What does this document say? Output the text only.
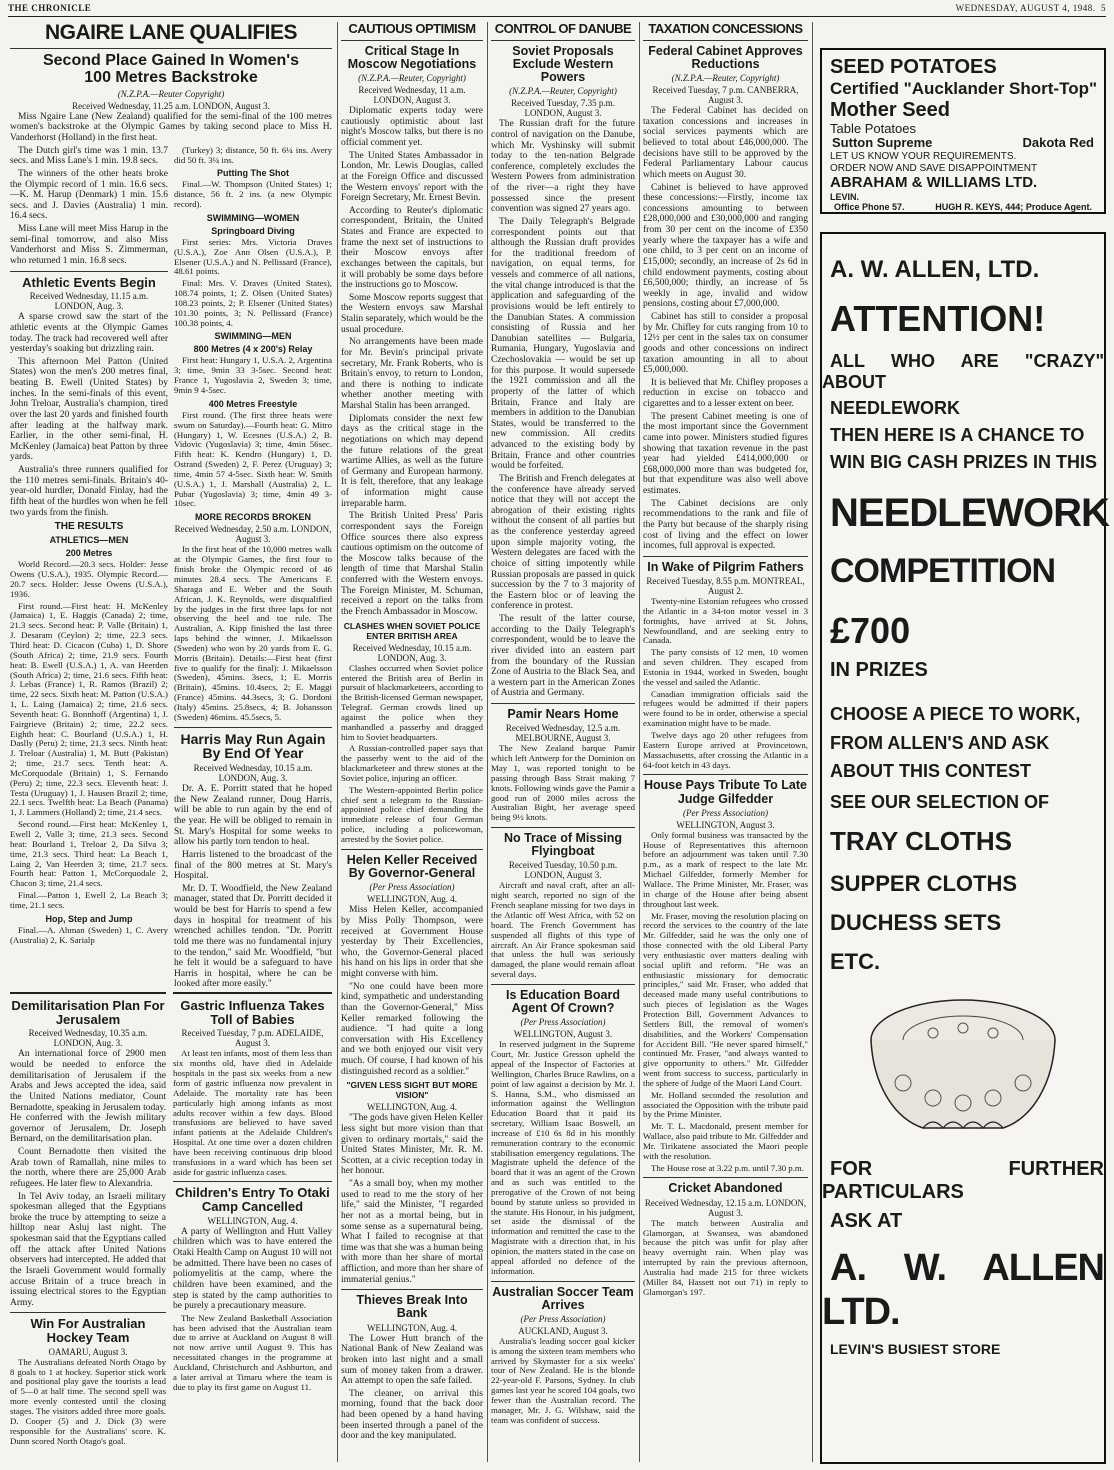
THE CHRONICLE	WEDNESDAY, AUGUST 4, 1948. 5
NGAIRE LANE QUALIFIES
Second Place Gained In Women's 100 Metres Backstroke

(N.Z.P.A.—Reuter Copyright)

Received Wednesday, 11.25 a.m. LONDON, August 3.

Miss Ngaire Lane (New Zealand) qualified for the semi-final of the 100 metres women's backstroke at the Olympic Games by taking second place to Miss H. Vanderhorst (Holland) in the first heat.

The Dutch girl's time was 1 min. 13.7 secs. and Miss Lane's 1 min. 19.8 secs.

The winners of the other heats broke the Olympic record of 1 min. 16.6 secs.—K. M. Harup (Denmark) 1 min. 15.6 secs. and J. Davies (Australia) 1 min. 16.4 secs.

Miss Lane will meet Miss Harup in the semi-final tomorrow, and also Miss Vanderhorst and Miss S. Zimmerman, who returned 1 min. 16.8 secs.

Athletic Events Begin

Received Wednesday, 11.15 a.m. LONDON, Aug. 3.

A sparse crowd saw the start of the athletic events at the Olympic Games today. The track had recovered well after yesterday's soaking but drizzling rain.

This afternoon Mel Patton (United States) won the men's 200 metres final, beating B. Ewell (United States) by inches. In the semi-finals of this event, John Treloar, Australia's champion, tired over the last 20 yards and finished fourth after leading at the halfway mark. Earlier, in the other semi-final, H. McKenley (Jamaica) beat Patton by three yards.

Australia's three runners qualified for the 110 metres semi-finals. Britain's 40-year-old hurdler, Donald Finlay, had the fifth heat of the hurdles won when he fell two yards from the finish.

THE RESULTS
ATHLETICS—MEN
200 Metres

World Record.—20.3 secs. Holder: Jesse Owens (U.S.A.), 1935. Olympic Record.—20.7 secs. Holder: Jesse Owens (U.S.A.), 1936.

First round.—First heat: H. McKenley (Jamaica) 1, E. Haggis (Canada) 2; time, 21.3 secs. Second heat: P. Valle (Britain) 1, J. Desaram (Ceylon) 2; time, 22.3 secs. Third heat: D. Cicacon (Cuba) 1, D. Shore (South Africa) 2; time, 21.9 secs. Fourth heat: B. Ewell (U.S.A.) 1, A. van Heerden (South Africa) 2; time, 21.6 secs. Fifth heat: J. Lebas (France) 1, R. Ramos (Brazil) 2; time, 22 secs. Sixth heat: M. Patton (U.S.A.) 1, L. Laing (Jamaica) 2; time, 21.6 secs. Seventh heat: G. Bonnhoff (Argentina) 1, J. Fairgrieve (Britain) 2; time, 22.2 secs. Eighth heat: C. Bourland (U.S.A.) 1, H. Daslly (Peru) 2; time, 21.3 secs. Ninth heat: J. Treloar (Australia) 1, M. Butt (Pakistan) 2; time, 21.7 secs. Tenth heat: A. McCorquodale (Britain) 1, S. Fernando (Peru) 2; time, 22.3 secs. Eleventh heat: J. Testa (Uruguay) 1, J. Hausen Brazil 2; time, 22.1 secs. Twelfth heat: La Beach (Panama) 1, J. Lammers (Holland) 2; time, 21.4 secs.

Second round.—First heat: McKenley 1, Ewell 2, Valle 3; time, 21.3 secs. Second heat: Bourland 1, Treloar 2, Da Silva 3; time, 21.3 secs. Third heat: La Beach 1, Laing 2, Van Heerden 3; time, 21.7 secs. Fourth heat: Patton 1, McCorquodale 2, Chacon 3; time, 21.4 secs.

Final.—Patton 1, Ewell 2, La Beach 3; time, 21.1 secs.

Hop, Step and Jump

Final.—A. Ahman (Sweden) 1, C. Avery (Australia) 2, K. Sarialp

(Turkey) 3; distance, 50 ft. 6¼ ins. Avery did 50 ft. 3¼ ins.

Putting The Shot

Final.—W. Thompson (United States) 1; distance, 56 ft. 2 ins. (a new Olympic record).

SWIMMING—WOMEN
Springboard Diving

First series: Mrs. Victoria Draves (U.S.A.), Zoe Ann Olsen (U.S.A.), P. Elsener (U.S.A.) and N. Pellissard (France), 48.61 points.

Final: Mrs. V. Draves (United States), 108.74 points, 1; Z. Olsen (United States) 108.23 points, 2; P. Elsener (United States) 101.30 points, 3; N. Pellissard (France) 100.38 points, 4.

SWIMMING—MEN
800 Metres (4 x 200's) Relay

First heat: Hungary 1, U.S.A. 2, Argentina 3; time, 9min 33 3-5sec. Second heat: France 1, Yugoslavia 2, Sweden 3; time, 9min 9 4-5sec.

400 Metres Freestyle

First round. (The first three heats were swum on Saturday).—Fourth heat: G. Mitro (Hungary) 1, W. Ecesnes (U.S.A.) 2, B. Vidovic (Yugoslavia) 3; time, 4min 56sec. Fifth heat: K. Kendro (Hungary) 1, D. Ostrand (Sweden) 2, F. Perez (Uruguay) 3; time, 4min 57 4-5sec. Sixth heat: W. Smith (U.S.A.) 1, J. Marshall (Australia) 2, L. Pubar (Yugoslavia) 3; time, 4min 49 3-10sec.

MORE RECORDS BROKEN

Received Wednesday, 2.50 a.m. LONDON, August 3.

In the first heat of the 10,000 metres walk at the Olympic Games, the first four to finish broke the Olympic record of 46 minutes 28.4 secs. The Americans F. Sharaga and E. Weber and the South African, J. K. Reynolds, were disqualified by the judges in the first three laps for not observing the heel and toe rule. The Australian, A. Kipp finished the last three laps behind the winner, J. Mikaelsson (Sweden) who won by 20 yards from E. G. Morris (Britain). Details:—First heat (first five to qualify for the final): J. Mikaelsson (Sweden), 45mins. 3secs, 1; E. Morris (Britain), 45mins. 10.4secs, 2; E. Maggi (France) 45mins. 44.3secs, 3; G. Dordoni (Italy) 45mins. 25.8secs, 4; B. Johansson (Sweden) 46mins. 45.5secs, 5.

Harris May Run Again By End Of Year

Received Wednesday, 10.15 a.m. LONDON, Aug. 3.

Dr. A. E. Porritt stated that he hoped the New Zealand runner, Doug Harris, will be able to run again by the end of the year. He will be obliged to remain in St. Mary's Hospital for some weeks to allow his partly torn tendon to heal.

Harris listened to the broadcast of the final of the 800 metres at St. Mary's Hospital.

Mr. D. T. Woodfield, the New Zealand manager, stated that Dr. Porritt decided it would be best for Harris to spend a few days in hospital for treatment of his wrenched achilles tendon. "Dr. Porritt told me there was no fundamental injury to the tendon," said Mr. Woodfield, "but he felt it would be a safeguard to have Harris in hospital, where he can be looked after more easily."

Demilitarisation Plan For Jerusalem

Received Wednesday, 10.35 a.m. LONDON, Aug. 3.

An international force of 2900 men would be needed to enforce the demilitarisation of Jerusalem if the Arabs and Jews accepted the idea, said the United Nations mediator, Count Bernadotte, speaking in Jerusalem today. He conferred with the Jewish military governor of Jerusalem, Dr. Joseph Bernard, on the demilitarisation plan.

Count Bernadotte then visited the Arab town of Ramallah, nine miles to the north, where there are 25,000 Arab refugees. He later flew to Alexandria.

In Tel Aviv today, an Israeli military spokesman alleged that the Egyptians broke the truce by attempting to seize a hilltop near Asluj last night. The spokesman said that the Egyptians called off the attack after United Nations observers had intercepted. He added that the Israeli Government would formally accuse Britain of a truce breach in issuing electrical stores to the Egyptian Army.

Win For Australian Hockey Team

OAMARU, August 3.

The Australians defeated North Otago by 8 goals to 1 at hockey. Superior stick work and positional play gave the tourists a lead of 5—0 at half time. The second spell was more evenly contested until the closing stages. The visitors added three more goals. D. Cooper (5) and J. Dick (3) were responsible for the Australians' score. K. Dunn scored North Otago's goal.

Gastric Influenza Takes Toll of Babies

Received Tuesday, 7 p.m. ADELAIDE, August 3.

At least ten infants, most of them less than six months old, have died in Adelaide hospitals in the past six weeks from a new form of gastric influenza now prevalent in Adelaide. The mortality rate has been particularly high among infants as most adults recover within a few days. Blood transfusions are believed to have saved infant patients at the Adelaide Children's Hospital. At one time over a dozen children have been receiving continuous drip blood transfusions in a ward which has been set aside for gastric influenza cases.

Children's Entry To Otaki Camp Cancelled

WELLINGTON, Aug. 4.

A party of Wellington and Hutt Valley children which was to have entered the Otaki Health Camp on August 10 will not be admitted. There have been no cases of poliomyelitis at the camp, where the children have been examined, and the step is stated by the camp authorities to be purely a precautionary measure.

The New Zealand Basketball Association has been advised that the Australian team due to arrive at Auckland on August 8 will not now arrive until August 9. This has necessitated changes in the programme at Auckland, Christchurch and Ashburton, and a later arrival at Timaru where the team is due to play its first game on August 11.

CAUTIOUS OPTIMISM
Critical Stage In Moscow Negotiations

(N.Z.P.A.—Reuter, Copyright)

Received Wednesday, 11 a.m. LONDON, August 3.

Diplomatic experts today were cautiously optimistic about last night's Moscow talks, but there is no official comment yet.

The United States Ambassador in London, Mr. Lewis Douglas, called at the Foreign Office and discussed the Western envoys' report with the Foreign Secretary, Mr. Ernest Bevin.

According to Reuter's diplomatic correspondent, Britain, the United States and France are expected to frame the next set of instructions to their Moscow envoys after exchanges between the capitals, but it will probably be some days before the instructions go to Moscow.

Some Moscow reports suggest that the Western envoys saw Marshal Stalin separately, which would be the usual procedure.

No arrangements have been made for Mr. Bevin's principal private secretary, Mr. Frank Roberts, who is Britain's envoy, to return to London, and there is nothing to indicate whether another meeting with Marshal Stalin has been arranged.

Diplomats consider the next few days as the critical stage in the negotiations on which may depend the future relations of the great wartime Allies, as well as the future of Germany and European harmony. It is felt, therefore, that any leakage of information might cause irreparable harm.

The British United Press' Paris correspondent says the Foreign Office sources there also express cautious optimism on the outcome of the Moscow talks because of the length of time that Marshal Stalin conferred with the Western envoys. The Foreign Minister, M. Schuman, received a report on the talks from the French Ambassador in Moscow.

CLASHES WHEN SOVIET POLICE ENTER BRITISH AREA

Received Wednesday, 10.15 a.m. LONDON, Aug. 3.

Clashes occurred when Soviet police entered the British area of Berlin in pursuit of blackmarketeers, according to the British-licensed German newspaper, Telegraf. German crowds lined up against the police when they manhandled a passerby and dragged him to Soviet headquarters.

A Russian-controlled paper says that the passerby went to the aid of the blackmarketeer and threw stones at the Soviet police, injuring an officer.

The Western-appointed Berlin police chief sent a telegram to the Russian-appointed police chief demanding the immediate release of four German police, including a policewoman, arrested by the Soviet police.

Helen Keller Received By Governor-General

(Per Press Association)

WELLINGTON, Aug. 4.

Miss Helen Keller, accompanied by Miss Polly Thompson, were received at Government House yesterday by Their Excellencies, who, the Governor-General placed his hand on his lips in order that she might converse with him.

"No one could have been more kind, sympathetic and understanding than the Governor-General," Miss Keller remarked following the audience. "I had quite a long conversation with His Excellency and we both enjoyed our visit very much. Of course, I had known of his distinguished record as a soldier."

"GIVEN LESS SIGHT BUT MORE VISION"

WELLINGTON, Aug. 4.

"The gods have given Helen Keller less sight but more vision than that given to ordinary mortals," said the United States Minister, Mr. R. M. Scotten, at a civic reception today in her honour.

"As a small boy, when my mother used to read to me the story of her life," said the Minister, "I regarded her not as a mortal being, but in some sense as a supernatural being. What I failed to recognise at that time was that she was a human being with more than her share of mortal affliction, and more than her share of immaterial genius."

Thieves Break Into Bank

WELLINGTON, Aug. 4.

The Lower Hutt branch of the National Bank of New Zealand was broken into last night and a small sum of money taken from a drawer. An attempt to open the safe failed.

The cleaner, on arrival this morning, found that the back door had been opened by a hand having been inserted through a panel of the door and the key manipulated.

CONTROL OF DANUBE
Soviet Proposals Exclude Western Powers

(N.Z.P.A.—Reuter, Copyright)

Received Tuesday, 7.35 p.m. LONDON, August 3.

The Russian draft for the future control of navigation on the Danube, which Mr. Vyshinsky will submit today to the ten-nation Belgrade conference, completely excludes the Western Powers from administration of the river—a right they have possessed since the present convention was signed 27 years ago.

The Daily Telegraph's Belgrade correspondent points out that although the Russian draft provides for the traditional freedom of navigation, on equal terms, for vessels and commerce of all nations, the vital change introduced is that the application and safeguarding of the provisions would be left entirely to the Danubian States. A commission consisting of Russia and her Danubian satellites — Bulgaria, Rumania, Hungary, Yugoslavia and Czechoslovakia — would be set up for this purpose. It would supersede the 1921 commission and all the property of the latter of which Britain, France and Italy are members in addition to the Danubian States, would be transferred to the new commission. All credits advanced to the existing body by Britain, France and other countries would be forfeited.

The British and French delegates at the conference have already served notice that they will not accept the abrogation of their existing rights without the consent of all parties but as the conference yesterday agreed upon simple majority voting, the Western delegates are faced with the choice of sitting impotently while Russian proposals are passed in quick succession by the 7 to 3 majority of the Eastern bloc or of leaving the conference in protest.

The result of the latter course, according to the Daily Telegraph's correspondent, would be to leave the river divided into an eastern part from the boundary of the Russian Zone of Austria to the Black Sea, and a western part in the American Zones of Austria and Germany.

Pamir Nears Home

Received Wednesday, 12.5 a.m. MELBOURNE, August 3.

The New Zealand barque Pamir which left Antwerp for the Dominion on May 1, was reported tonight to be passing through Bass Strait making 7 knots. Following winds gave the Pamir a good run of 2000 miles across the Australian Bight, her average speed being 9½ knots.

No Trace of Missing Flyingboat

Received Tuesday, 10.50 p.m. LONDON, August 3.

Aircraft and naval craft, after an all-night search, reported no sign of the French seaplane missing for two days in the Atlantic off West Africa, with 52 on board. The French Government has suspended all flights of this type of aircraft. An Air France spokesman said that unless the hull was seriously damaged, the plane would remain afloat several days.

Is Education Board Agent Of Crown?

(Per Press Association)

WELLINGTON, August 3.

In reserved judgment in the Supreme Court, Mr. Justice Gresson upheld the appeal of the Inspector of Factories at Wellington, Charles Bruce Rawlins, on a point of law against a decision by Mr. J. S. Hanna, S.M., who dismissed an information against the Wellington Education Board that it paid its secretary, William Isaac Boswell, an increase of £10 6s 8d in his monthly remuneration contrary to the economic stabilisation emergency regulations. The Magistrate upheld the defence of the board that it was an agent of the Crown and as such was entitled to the prerogative of the Crown of not being bound by statute unless so provided in the statute. His Honour, in his judgment, set aside the dismissal of the information and remitted the case to the Magistrate with a direction that, in his opinion, the matters stated in the case on appeal afforded no defence of the information.

Australian Soccer Team Arrives

(Per Press Association)

AUCKLAND, August 3.

Australia's leading soccer goal kicker is among the sixteen team members who arrived by Skymaster for a six weeks' tour of New Zealand. He is the blonde 22-year-old F. Parsons, Sydney. In club games last year he scored 104 goals, two fewer than the Australian record. The manager, Mr. J. G. Wilshaw, said the team was confident of success.

TAXATION CONCESSIONS
Federal Cabinet Approves Reductions

(N.Z.P.A.—Reuter, Copyright)

Received Tuesday, 7 p.m. CANBERRA, August 3.

The Federal Cabinet has decided on taxation concessions and increases in social services payments which are believed to total about £46,000,000. The decisions have still to be approved by the Federal Parliamentary Labour caucus which meets on August 30.

Cabinet is believed to have approved these concessions:—Firstly, income tax concessions amounting to between £28,000,000 and £30,000,000 and ranging from 30 per cent on the income of £350 yearly where the taxpayer has a wife and one child, to 3 per cent on an income of £15,000; secondly, an increase of 2s 6d in child endowment payments, costing about £6,500,000; thirdly, an increase of 5s weekly in age, invalid and widow pensions, costing about £7,000,000.

Cabinet has still to consider a proposal by Mr. Chifley for cuts ranging from 10 to 12½ per cent in the sales tax on consumer goods and other concessions on indirect taxation amounting in all to about £5,000,000.

It is believed that Mr. Chifley proposes a reduction in excise on tobacco and cigarettes and to a lesser extent on beer.

The present Cabinet meeting is one of the most important since the Government came into power. Ministers studied figures showing that taxation revenue in the past year had yielded £414,000,000 or £68,000,000 more than was budgeted for, but that expenditure was also well above estimates.

The Cabinet decisions are only recommendations to the rank and file of the Party but because of the sharply rising cost of living and the effect on lower incomes, full approval is expected.

In Wake of Pilgrim Fathers

Received Tuesday, 8.55 p.m. MONTREAL, August 2.

Twenty-nine Estonian refugees who crossed the Atlantic in a 34-ton motor vessel in 3 fortnights, have arrived at St. Johns, Newfoundland, and are seeking entry to Canada.

The party consists of 12 men, 10 women and seven children. They escaped from Estonia in 1944, worked in Sweden, bought the vessel and sailed the Atlantic.

Canadian immigration officials said the refugees would be admitted if their papers were found to be in order, otherwise a special examination might have to be made.

Twelve days ago 20 other refugees from Eastern Europe arrived at Provincetown, Massachusetts, after crossing the Atlantic in a 64-foot ketch in 43 days.

House Pays Tribute To Late Judge Gilfedder

(Per Press Association)

WELLINGTON, August 3.

Only formal business was transacted by the House of Representatives this afternoon before an adjournment was taken until 7.30 p.m., as a mark of respect to the late Mr. Michael Gilfedder, formerly Member for Wallace. The Prime Minister, Mr. Fraser, was in charge of the House after being absent throughout last week.

Mr. Fraser, moving the resolution placing on record the services to the country of the late Mr. Gilfedder, said he was the only one of those connected with the old Liberal Party very enthusiastic over matters dealing with social uplift and reform. "He was an enthusiastic missionary for democratic principles," said Mr. Fraser, who added that deceased made many useful contributions to such pieces of legislation as the Wages Protection Bill, Government Advances to Settlers Bill, the removal of women's disabilities, and the Workers' Compensation for Accident Bill. "He never spared himself," continued Mr. Fraser, "and always wanted to give opportunity to others." Mr. Gilfedder went from success to success, particularly in the sphere of Judge of the Maori Land Court.

Mr. Holland seconded the resolution and associated the Opposition with the tribute paid by the Prime Minister.

Mr. T. L. Macdonald, present member for Wallace, also paid tribute to Mr. Gilfedder and Mr. Tirikatene associated the Maori people with the resolution.

The House rose at 3.22 p.m. until 7.30 p.m.

Cricket Abandoned

Received Wednesday, 12.15 a.m. LONDON, August 3.

The match between Australia and Glamorgan, at Swansea, was abandoned because the pitch was unfit for play after heavy overnight rain. When play was interrupted by rain the previous afternoon, Australia had made 215 for three wickets (Miller 84, Hassett not out 71) in reply to Glamorgan's 197.

SEED POTATOES

Certified "Aucklander Short-Top"

Mother Seed

Table Potatoes

Sutton Supreme	Dakota Red

LET US KNOW YOUR REQUIREMENTS.

ORDER NOW AND SAVE DISAPPOINTMENT

ABRAHAM & WILLIAMS LTD.

LEVIN.

Office Phone 57.	HUGH R. KEYS, 444; Produce Agent.

A. W. ALLEN, LTD.

ATTENTION!

ALL WHO ARE "CRAZY" ABOUT

NEEDLEWORK

THEN HERE IS A CHANCE TO

WIN BIG CASH PRIZES IN THIS

NEEDLEWORK

COMPETITION

£700

IN PRIZES

CHOOSE A PIECE TO WORK,

FROM ALLEN'S AND ASK

ABOUT THIS CONTEST

SEE OUR SELECTION OF

TRAY CLOTHS

SUPPER CLOTHS

DUCHESS SETS

ETC.

FOR FURTHER PARTICULARS

ASK AT

A. W. ALLEN LTD.

LEVIN'S BUSIEST STORE
